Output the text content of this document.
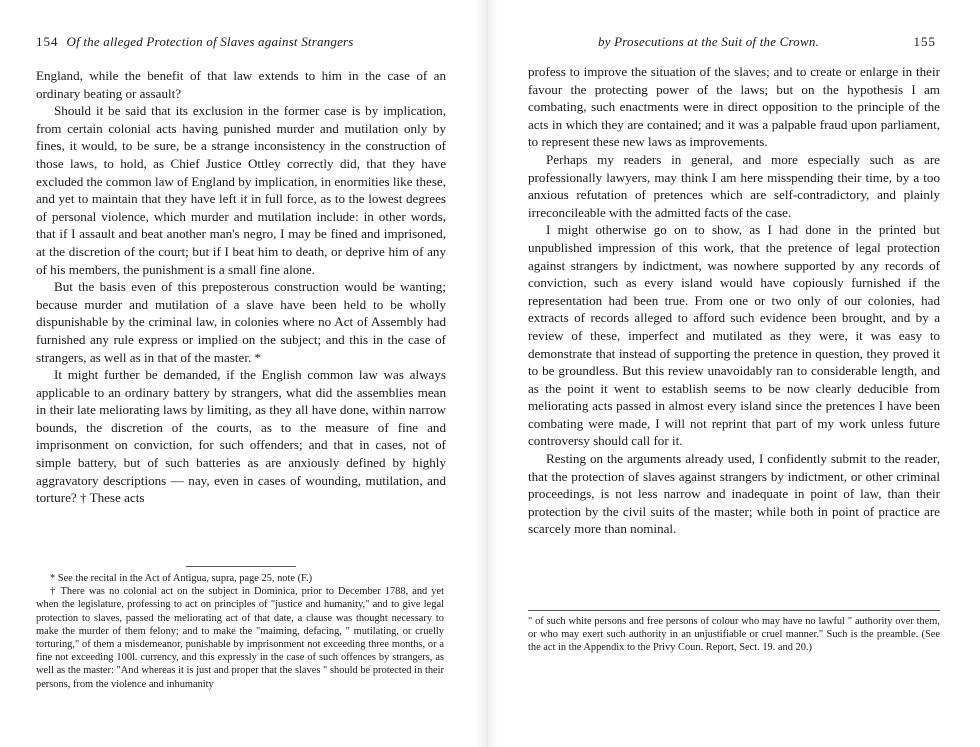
154 Of the alleged Protection of Slaves against Strangers	by Prosecutions at the Suit of the Crown.	155

England, while the benefit of that law extends to him in the case of an ordinary beating or assault?

Should it be said that its exclusion in the former case is by implication, from certain colonial acts having punished murder and mutilation only by fines, it would, to be sure, be a strange inconsistency in the construction of those laws, to hold, as Chief Justice Ottley correctly did, that they have excluded the common law of England by implication, in enormities like these, and yet to maintain that they have left it in full force, as to the lowest degrees of personal violence, which murder and mutilation include: in other words, that if I assault and beat another man's negro, I may be fined and imprisoned, at the discretion of the court; but if I beat him to death, or deprive him of any of his members, the punishment is a small fine alone.

But the basis even of this preposterous construction would be wanting; because murder and mutilation of a slave have been held to be wholly dispunishable by the criminal law, in colonies where no Act of Assembly had furnished any rule express or implied on the subject; and this in the case of strangers, as well as in that of the master. *

It might further be demanded, if the English common law was always applicable to an ordinary battery by strangers, what did the assemblies mean in their late meliorating laws by limiting, as they all have done, within narrow bounds, the discretion of the courts, as to the measure of fine and imprisonment on conviction, for such offenders; and that in cases, not of simple battery, but of such batteries as are anxiously defined by highly aggravatory descriptions — nay, even in cases of wounding, mutilation, and torture? † These acts

* See the recital in the Act of Antigua, supra, page 25, note (F.)

† There was no colonial act on the subject in Dominica, prior to December 1788, and yet when the legislature, professing to act on principles of "justice and humanity," and to give legal protection to slaves, passed the meliorating act of that date, a clause was thought necessary to make the murder of them felony; and to make the "maiming, defacing, " mutilating, or cruelly torturing," of them a misdemeanor, punishable by imprisonment not exceeding three months, or a fine not exceeding 100l. currency, and this expressly in the case of such offences by strangers, as well as the master: "And whereas it is just and proper that the slaves " should be protected in their persons, from the violence and inhumanity

profess to improve the situation of the slaves; and to create or enlarge in their favour the protecting power of the laws; but on the hypothesis I am combating, such enactments were in direct opposition to the principle of the acts in which they are contained; and it was a palpable fraud upon parliament, to represent these new laws as improvements.

Perhaps my readers in general, and more especially such as are professionally lawyers, may think I am here misspending their time, by a too anxious refutation of pretences which are self-contradictory, and plainly irreconcileable with the admitted facts of the case.

I might otherwise go on to show, as I had done in the printed but unpublished impression of this work, that the pretence of legal protection against strangers by indictment, was nowhere supported by any records of conviction, such as every island would have copiously furnished if the representation had been true. From one or two only of our colonies, had extracts of records alleged to afford such evidence been brought, and by a review of these, imperfect and mutilated as they were, it was easy to demonstrate that instead of supporting the pretence in question, they proved it to be groundless. But this review unavoidably ran to considerable length, and as the point it went to establish seems to be now clearly deducible from meliorating acts passed in almost every island since the pretences I have been combating were made, I will not reprint that part of my work unless future controversy should call for it.

Resting on the arguments already used, I confidently submit to the reader, that the protection of slaves against strangers by indictment, or other criminal proceedings, is not less narrow and inadequate in point of law, than their protection by the civil suits of the master; while both in point of practice are scarcely more than nominal.

" of such white persons and free persons of colour who may have no lawful " authority over them, or who may exert such authority in an unjustifiable or cruel manner." Such is the preamble. (See the act in the Appendix to the Privy Coun. Report, Sect. 19. and 20.)
